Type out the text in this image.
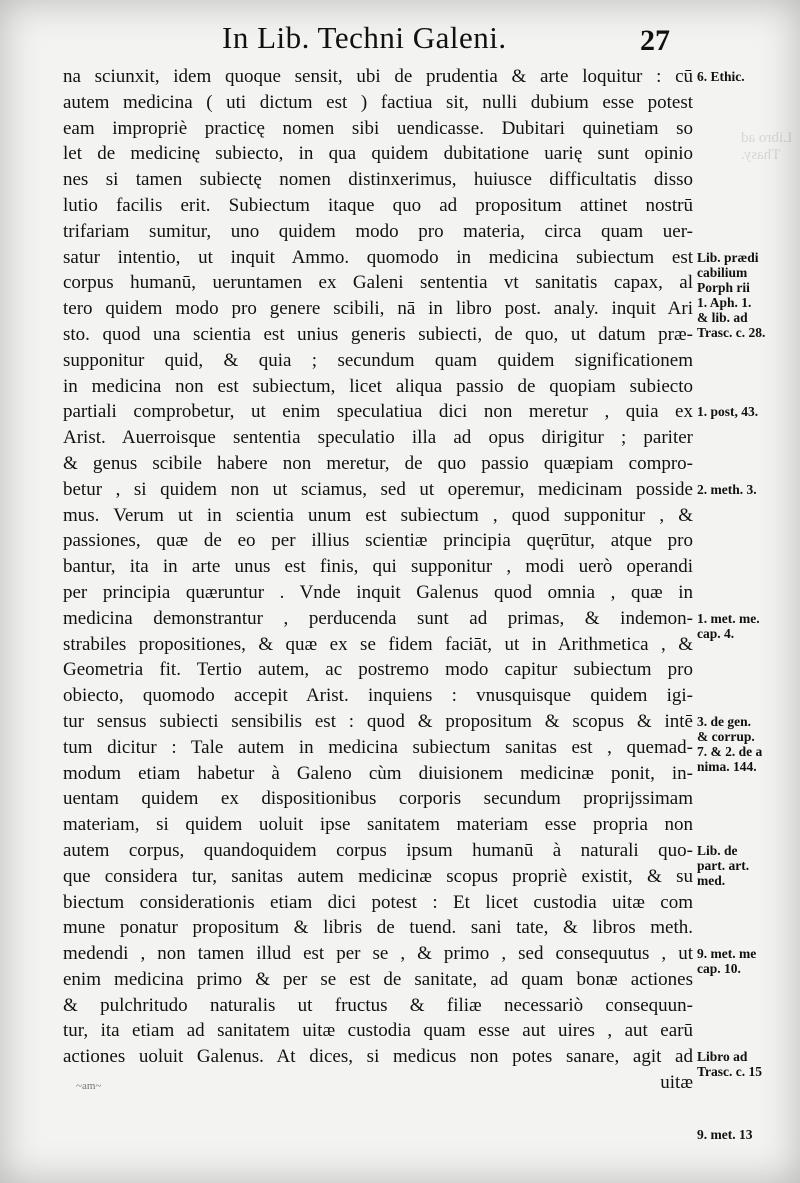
Libro ad
Thasy.
In Lib. Techni Galeni.	27
na sciunxit, idem quoque sensit, ubi de prudentia & arte loquitur : cū
autem medicina ( uti dictum est ) factiua sit, nulli dubium esse potest
eam impropriè practicę nomen sibi uendicasse. Dubitari quinetiam so
let de medicinę subiecto, in qua quidem dubitatione uarię sunt opinio
nes si tamen subiectę nomen distinxerimus, huiusce difficultatis disso
lutio facilis erit. Subiectum itaque quo ad propositum attinet nostrū
trifariam sumitur, uno quidem modo pro materia, circa quam uer-
satur intentio, ut inquit Ammo. quomodo in medicina subiectum est
corpus humanū, ueruntamen ex Galeni sententia vt sanitatis capax, al
tero quidem modo pro genere scibili, nā in libro post. analy. inquit Ari
sto. quod una scientia est unius generis subiecti, de quo, ut datum præ-
supponitur quid, & quia ; secundum quam quidem significationem
in medicina non est subiectum, licet aliqua passio de quopiam subiecto
partiali comprobetur, ut enim speculatiua dici non meretur , quia ex
Arist. Auerroisque sententia speculatio illa ad opus dirigitur ; pariter
& genus scibile habere non meretur, de quo passio quæpiam compro-
betur , si quidem non ut sciamus, sed ut operemur, medicinam possidе
mus. Verum ut in scientia unum est subiectum , quod supponitur , &
passiones, quæ de eo per illius scientiæ principia quęrūtur, atque pro
bantur, ita in arte unus est finis, qui supponitur , modi uerò operandi
per principia quæruntur . Vnde inquit Galenus quod omnia , quæ in
medicina demonstrantur , perducenda sunt ad primas, & indemon-
strabiles propositiones, & quæ ex se fidem faciāt, ut in Arithmetica , &
Geometria fit. Tertio autem, ac postremo modo capitur subiectum pro
obiecto, quomodo accepit Arist. inquiens : vnusquisque quidem igi-
tur sensus subiecti sensibilis est : quod & propositum & scopus & intē
tum dicitur : Tale autem in medicina subiectum sanitas est , quemad-
modum etiam habetur à Galeno cùm diuisionem medicinæ ponit, in-
uentam quidem ex dispositionibus corporis secundum proprijssimam
materiam, si quidem uoluit ipse sanitatem materiam esse propria non
autem corpus, quandoquidem corpus ipsum humanū à naturali quo-
que considera tur, sanitas autem medicinæ scopus propriè existit, & su
biectum considerationis etiam dici potest : Et licet custodia uitæ com
mune ponatur propositum & libris de tuend. sani tate, & libros meth.
medendi , non tamen illud est per se , & primo , sed consequutus , ut
enim medicina primo & per se est de sanitate, ad quam bonæ actiones
& pulchritudo naturalis ut fructus & filiæ necessariò consequun-
tur, ita etiam ad sanitatem uitæ custodia quam esse aut uires , aut earū
actiones uoluit Galenus. At dices, si medicus non potes sanare, agit ad
uitæ
6. Ethic.
Lib. prædi
cabilium
Porph rii
1. Aph. 1.
& lib. ad
Trasc. c. 28.
1. post, 43.
2. meth. 3.
1. met. me.
cap. 4.
3. de gen.
& corrup.
7. & 2. de a
nima. 144.
Lib. de
part. art.
med.
9. met. me
cap. 10.
Libro ad
Trasc. c. 15
9. met. 13
~am~
